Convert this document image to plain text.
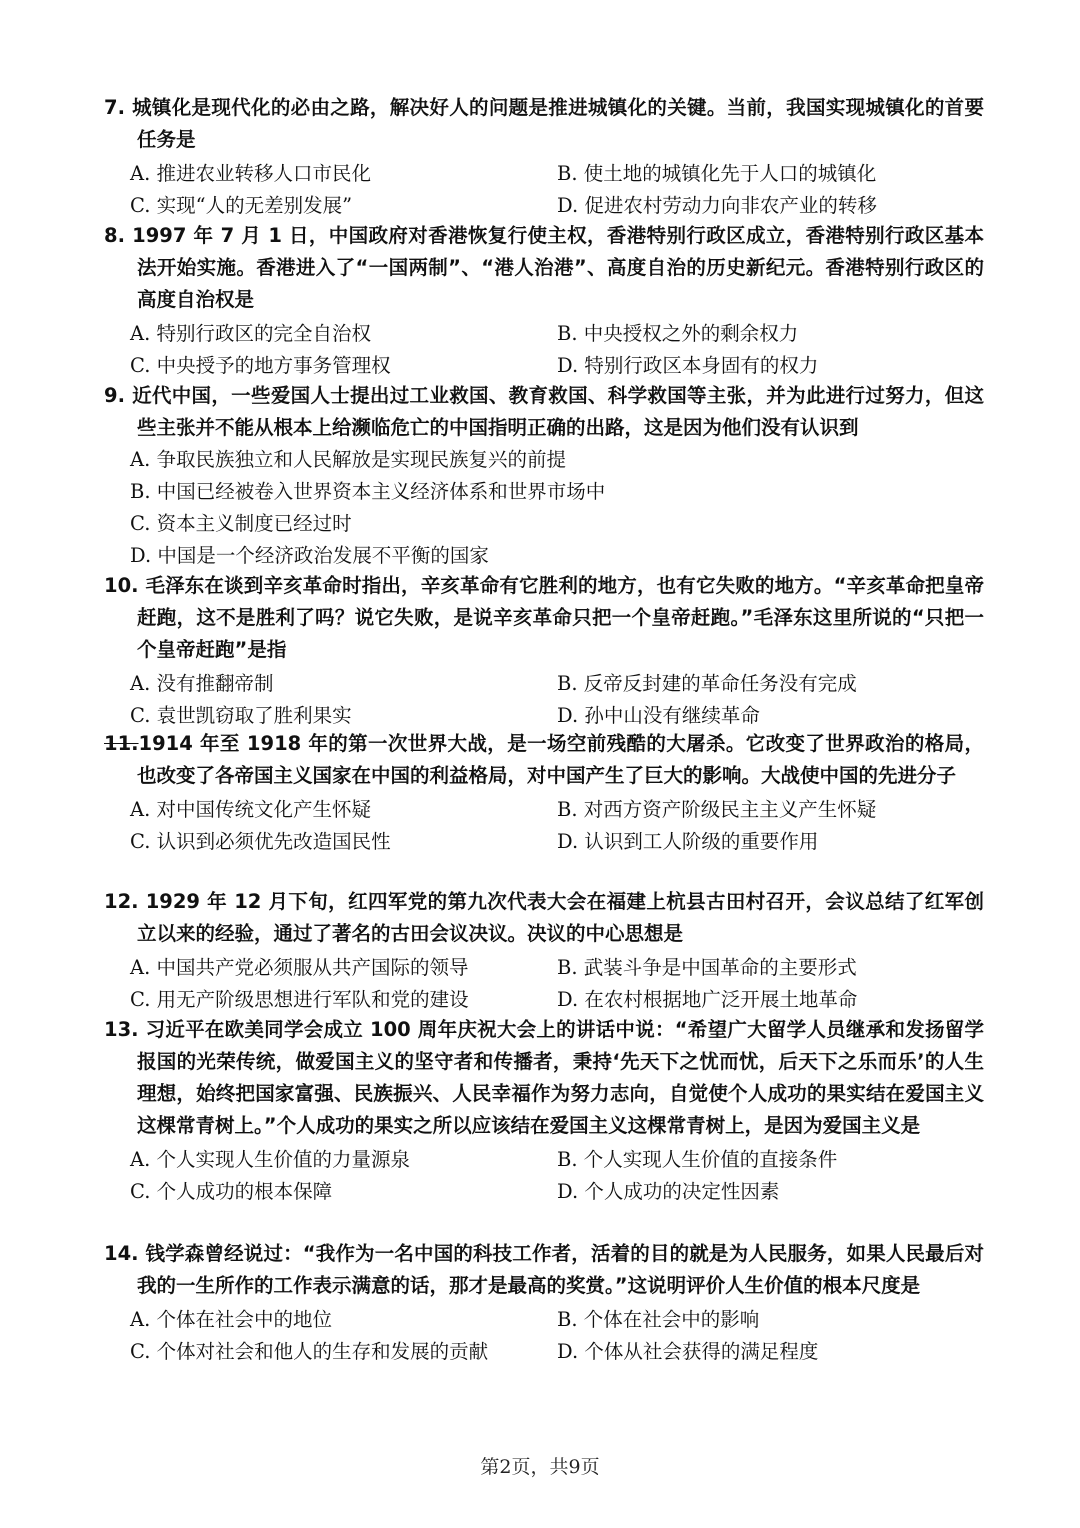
7. 城镇化是现代化的必由之路，解决好人的问题是推进城镇化的关键。当前，我国实现城镇化的首要任务是

A. 推进农业转移人口市民化	B. 使土地的城镇化先于人口的城镇化
C. 实现“人的无差别发展”	D. 促进农村劳动力向非农产业的转移

8. 1997 年 7 月 1 日，中国政府对香港恢复行使主权，香港特别行政区成立，香港特别行政区基本法开始实施。香港进入了“一国两制”、“港人治港”、高度自治的历史新纪元。香港特别行政区的高度自治权是

A. 特别行政区的完全自治权	B. 中央授权之外的剩余权力
C. 中央授予的地方事务管理权	D. 特别行政区本身固有的权力

9. 近代中国，一些爱国人士提出过工业救国、教育救国、科学救国等主张，并为此进行过努力，但这些主张并不能从根本上给濒临危亡的中国指明正确的出路，这是因为他们没有认识到

A. 争取民族独立和人民解放是实现民族复兴的前提
B. 中国已经被卷入世界资本主义经济体系和世界市场中
C. 资本主义制度已经过时
D. 中国是一个经济政治发展不平衡的国家

10. 毛泽东在谈到辛亥革命时指出，辛亥革命有它胜利的地方，也有它失败的地方。“辛亥革命把皇帝赶跑，这不是胜利了吗？说它失败，是说辛亥革命只把一个皇帝赶跑。”毛泽东这里所说的“只把一个皇帝赶跑”是指

A. 没有推翻帝制	B. 反帝反封建的革命任务没有完成
C. 袁世凯窃取了胜利果实	D. 孙中山没有继续革命

11.1914 年至 1918 年的第一次世界大战，是一场空前残酷的大屠杀。它改变了世界政治的格局，也改变了各帝国主义国家在中国的利益格局，对中国产生了巨大的影响。大战使中国的先进分子

A. 对中国传统文化产生怀疑	B. 对西方资产阶级民主主义产生怀疑
C. 认识到必须优先改造国民性	D. 认识到工人阶级的重要作用

12. 1929 年 12 月下旬，红四军党的第九次代表大会在福建上杭县古田村召开，会议总结了红军创立以来的经验，通过了著名的古田会议决议。决议的中心思想是

A. 中国共产党必须服从共产国际的领导	B. 武装斗争是中国革命的主要形式
C. 用无产阶级思想进行军队和党的建设	D. 在农村根据地广泛开展土地革命

13. 习近平在欧美同学会成立 100 周年庆祝大会上的讲话中说：“希望广大留学人员继承和发扬留学报国的光荣传统，做爱国主义的坚守者和传播者，秉持‘先天下之忧而忧，后天下之乐而乐’的人生理想，始终把国家富强、民族振兴、人民幸福作为努力志向，自觉使个人成功的果实结在爱国主义这棵常青树上。”个人成功的果实之所以应该结在爱国主义这棵常青树上，是因为爱国主义是

A. 个人实现人生价值的力量源泉	B. 个人实现人生价值的直接条件
C. 个人成功的根本保障	D. 个人成功的决定性因素

14. 钱学森曾经说过：“我作为一名中国的科技工作者，活着的目的就是为人民服务，如果人民最后对我的一生所作的工作表示满意的话，那才是最高的奖赏。”这说明评价人生价值的根本尺度是

A. 个体在社会中的地位	B. 个体在社会中的影响
C. 个体对社会和他人的生存和发展的贡献	D. 个体从社会获得的满足程度
第2页，共9页
